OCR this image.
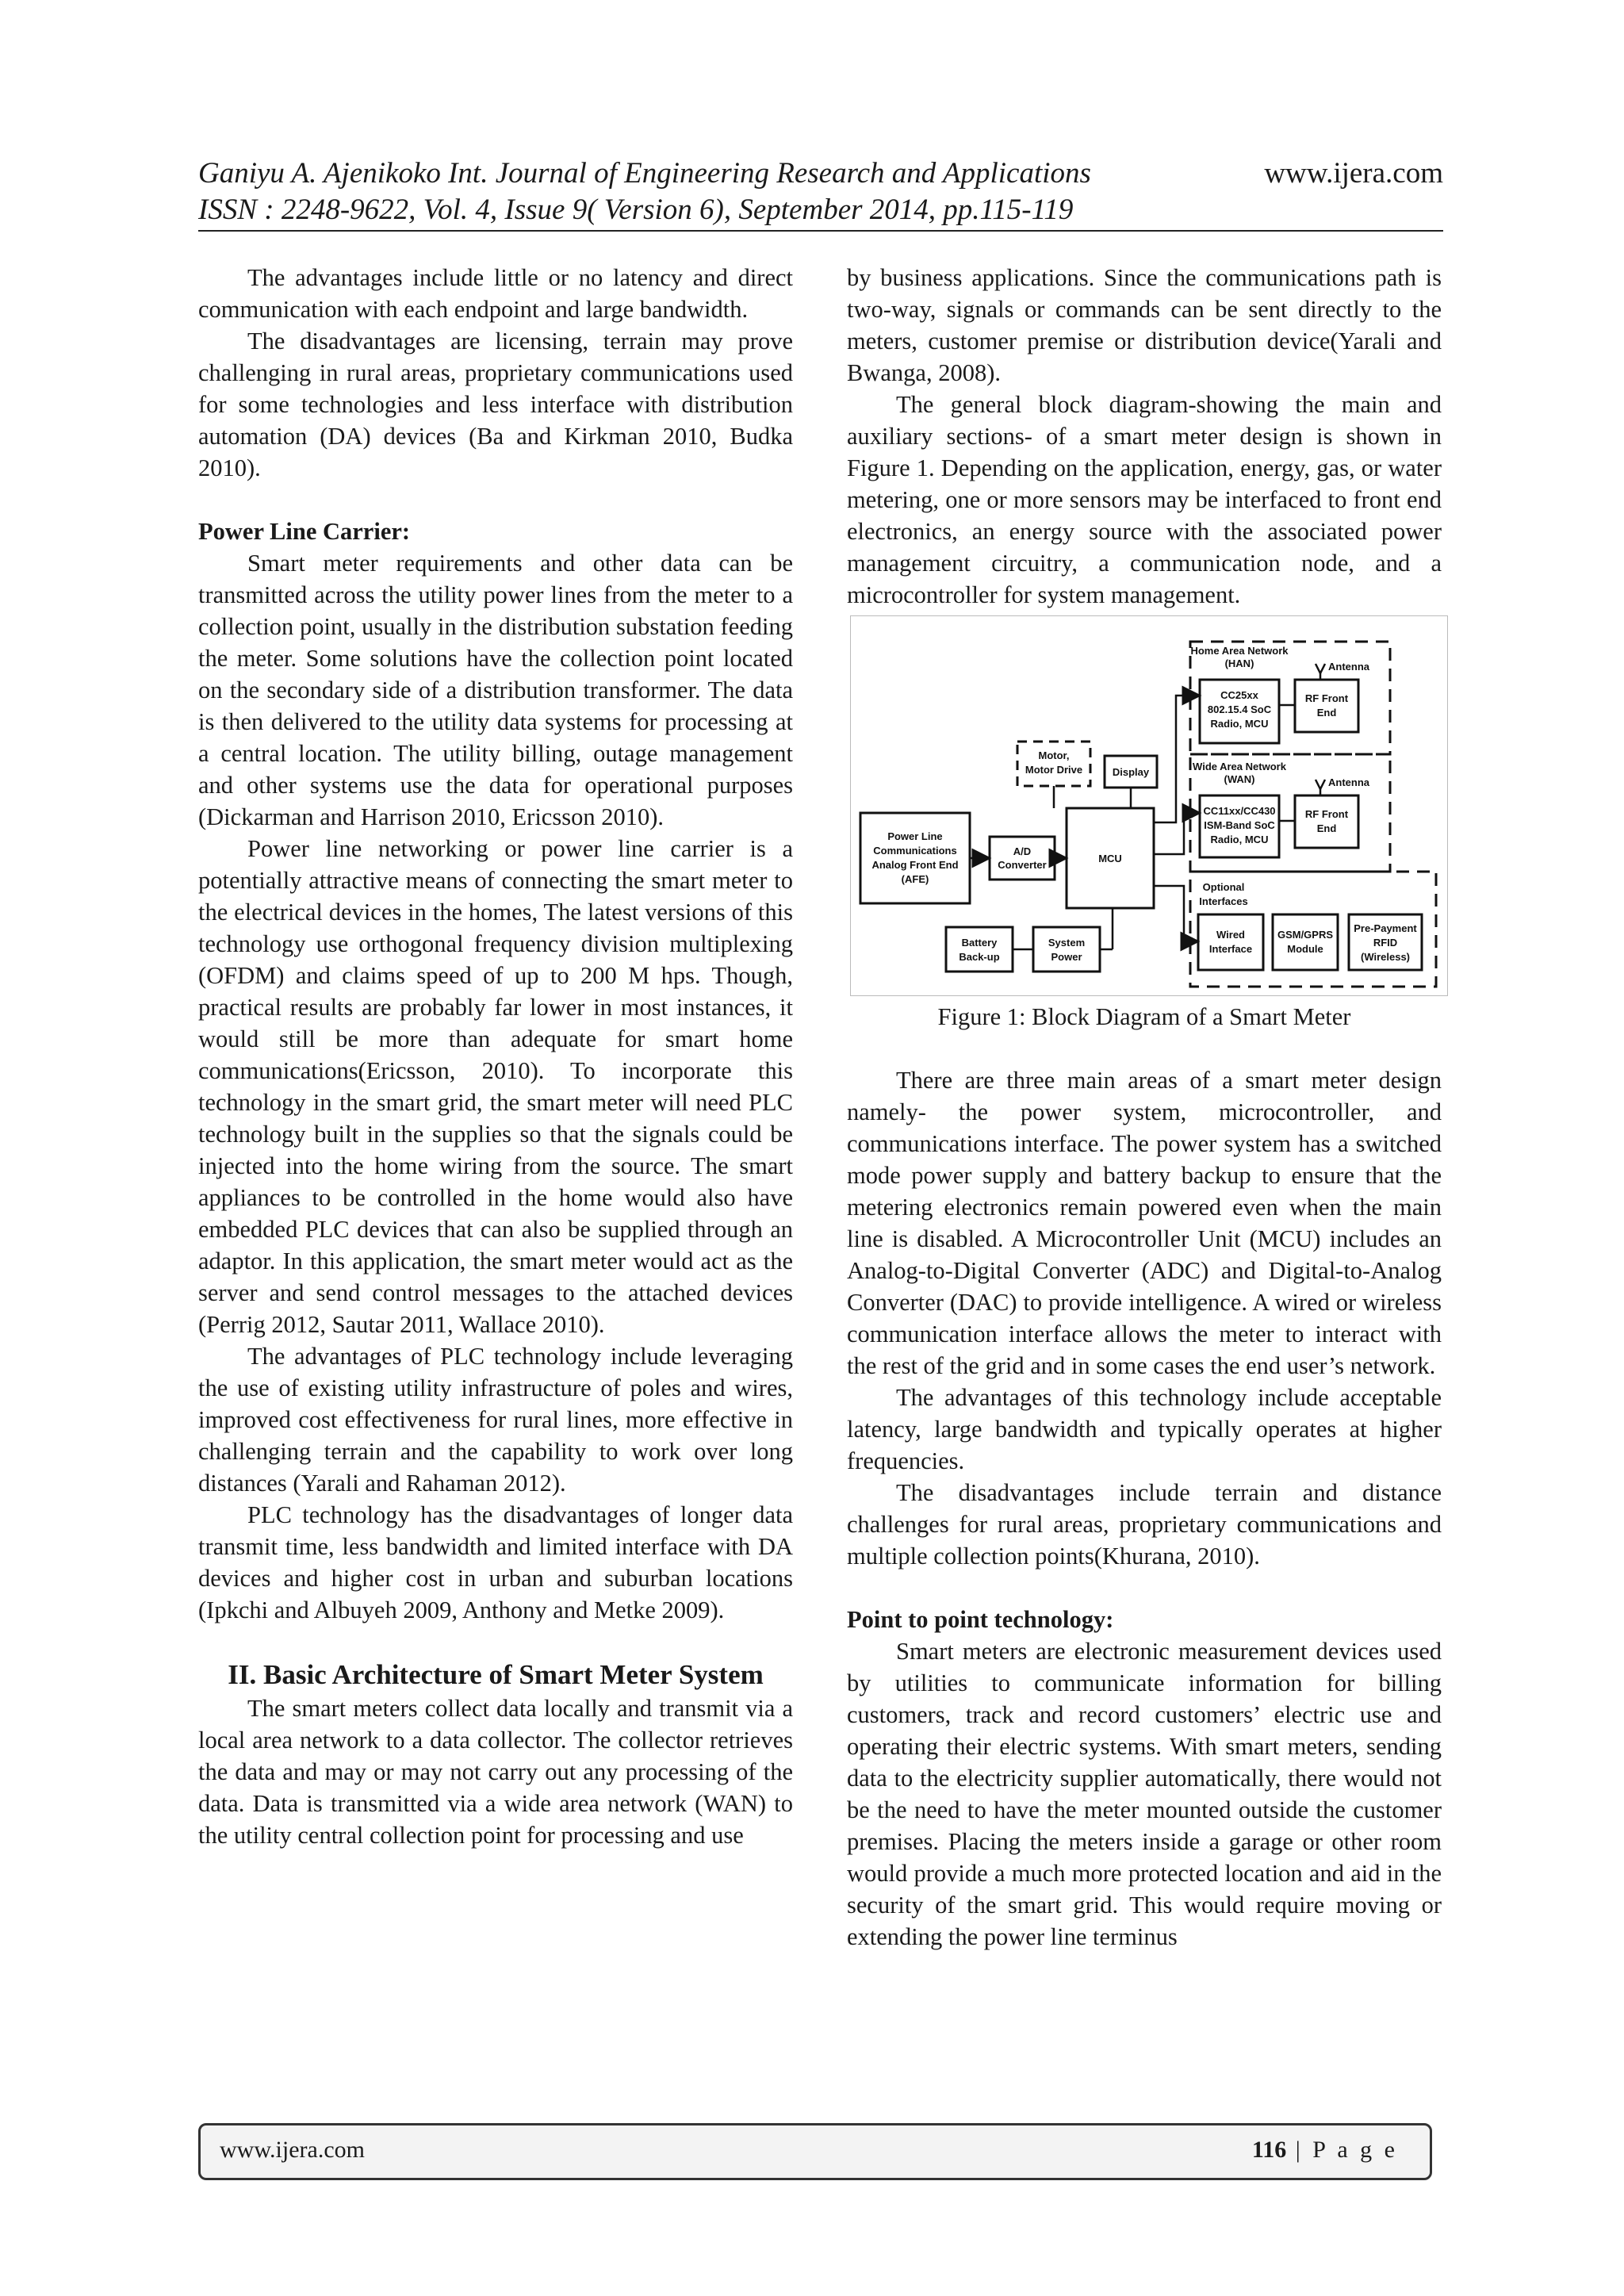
Ganiyu A. Ajenikoko Int. Journal of Engineering Research and Applications
ISSN : 2248-9622, Vol. 4, Issue 9( Version 6), September 2014, pp.115-119
www.ijera.com

The advantages include little or no latency and direct communication with each endpoint and large bandwidth.

The disadvantages are licensing, terrain may prove challenging in rural areas, proprietary communications used for some technologies and less interface with distribution automation (DA) devices (Ba and Kirkman 2010, Budka 2010).

Power Line Carrier:

Smart meter requirements and other data can be transmitted across the utility power lines from the meter to a collection point, usually in the distribution substation feeding the meter. Some solutions have the collection point located on the secondary side of a distribution transformer. The data is then delivered to the utility data systems for processing at a central location. The utility billing, outage management and other systems use the data for operational purposes (Dickarman and Harrison 2010, Ericsson 2010).

Power line networking or power line carrier is a potentially attractive means of connecting the smart meter to the electrical devices in the homes, The latest versions of this technology use orthogonal frequency division multiplexing (OFDM) and claims speed of up to 200 M hps. Though, practical results are probably far lower in most instances, it would still be more than adequate for smart home communications(Ericsson, 2010). To incorporate this technology in the smart grid, the smart meter will need PLC technology built in the supplies so that the signals could be injected into the home wiring from the source. The smart appliances to be controlled in the home would also have embedded PLC devices that can also be supplied through an adaptor. In this application, the smart meter would act as the server and send control messages to the attached devices (Perrig 2012, Sautar 2011, Wallace 2010).

The advantages of PLC technology include leveraging the use of existing utility infrastructure of poles and wires, improved cost effectiveness for rural lines, more effective in challenging terrain and the capability to work over long distances (Yarali and Rahaman 2012).

PLC technology has the disadvantages of longer data transmit time, less bandwidth and limited interface with DA devices and higher cost in urban and suburban locations (Ipkchi and Albuyeh 2009, Anthony and Metke 2009).

II. Basic Architecture of Smart Meter System

The smart meters collect data locally and transmit via a local area network to a data collector. The collector retrieves the data and may or may not carry out any processing of the data. Data is transmitted via a wide area network (WAN) to the utility central collection point for processing and use

by business applications. Since the communications path is two-way, signals or commands can be sent directly to the meters, customer premise or distribution device(Yarali and Bwanga, 2008).

The general block diagram-showing the main and auxiliary sections- of a smart meter design is shown in Figure 1. Depending on the application, energy, gas, or water metering, one or more sensors may be interfaced to front end electronics, an energy source with the associated power management circuitry, a communication node, and a microcontroller for system management.

Home Area Network
(HAN)	Antenna
CC25xx
802.15.4 SoC
Radio, MCU
RF Front
End
Wide Area Network
(WAN)	Antenna
CC11xx/CC430
ISM-Band SoC
Radio, MCU
RF Front
End
Motor,
Motor Drive	Display
Power Line
Communications
Analog Front End
(AFE)
A/D
Converter
MCU
Optional
Interfaces
Wired
Interface
GSM/GPRS
Module
Pre-Payment
RFID
(Wireless)
Battery
Back-up
System
Power
Figure 1: Block Diagram of a Smart Meter

There are three main areas of a smart meter design namely- the power system, microcontroller, and communications interface. The power system has a switched mode power supply and battery backup to ensure that the metering electronics remain powered even when the main line is disabled. A Microcontroller Unit (MCU) includes an Analog-to-Digital Converter (ADC) and Digital-to-Analog Converter (DAC) to provide intelligence. A wired or wireless communication interface allows the meter to interact with the rest of the grid and in some cases the end user’s network.

The advantages of this technology include acceptable latency, large bandwidth and typically operates at higher frequencies.

The disadvantages include terrain and distance challenges for rural areas, proprietary communications and multiple collection points(Khurana, 2010).

Point to point technology:

Smart meters are electronic measurement devices used by utilities to communicate information for billing customers, track and record customers’ electric use and operating their electric systems. With smart meters, sending data to the electricity supplier automatically, there would not be the need to have the meter mounted outside the customer premises. Placing the meters inside a garage or other room would provide a much more protected location and aid in the security of the smart grid. This would require moving or extending the power line terminus

www.ijera.com	116 | P a g e
